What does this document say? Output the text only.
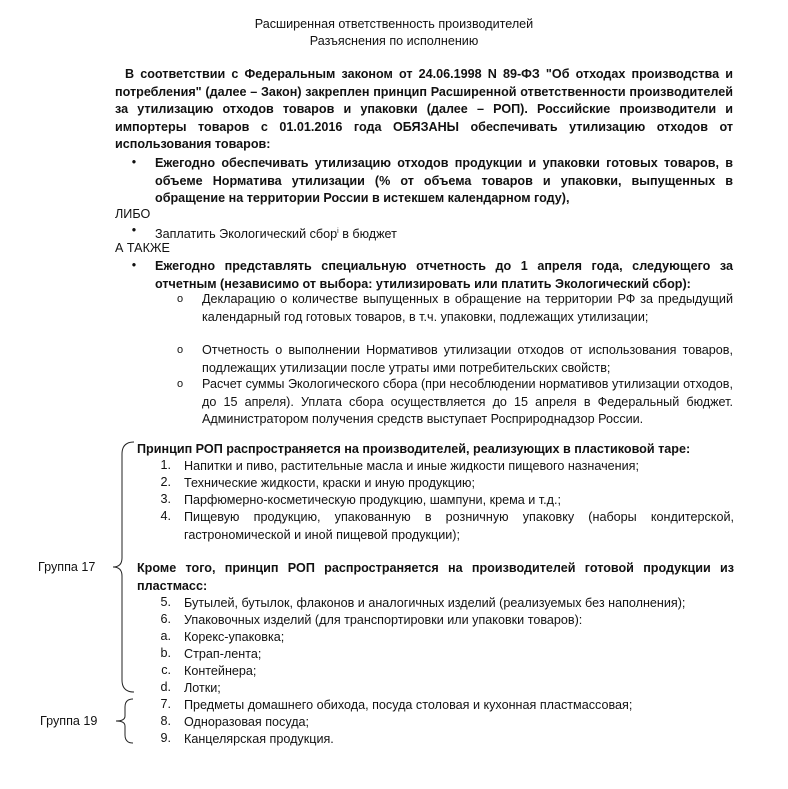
Расширенная ответственность производителей
Разъяснения по исполнению
В соответствии с Федеральным законом от 24.06.1998 N 89-ФЗ "Об отходах производства и потребления" (далее – Закон) закреплен принцип Расширенной ответственности производителей за утилизацию отходов товаров и упаковки (далее – РОП). Российские производители и импортеры товаров с 01.01.2016 года ОБЯЗАНЫ обеспечивать утилизацию отходов от использования товаров:
• Ежегодно обеспечивать утилизацию отходов продукции и упаковки готовых товаров, в объеме Норматива утилизации (% от объема товаров и упаковки, выпущенных в обращение на территории России в истекшем календарном году),
ЛИБО
• Заплатить Экологический сбор$^i$ в бюджет
А ТАКЖЕ
• Ежегодно представлять специальную отчетность до 1 апреля года, следующего за отчетным (независимо от выбора: утилизировать или платить Экологический сбор):
o Декларацию о количестве выпущенных в обращение на территории РФ за предыдущий календарный год готовых товаров, в т.ч. упаковки, подлежащих утилизации;
o Отчетность о выполнении Нормативов утилизации отходов от использования товаров, подлежащих утилизации после утраты ими потребительских свойств;
o Расчет суммы Экологического сбора (при несоблюдении нормативов утилизации отходов, до 15 апреля). Уплата сбора осуществляется до 15 апреля в Федеральный бюджет. Администратором получения средств выступает Росприроднадзор России.
Принцип РОП распространяется на производителей, реализующих в пластиковой таре:
1. Напитки и пиво, растительные масла и иные жидкости пищевого назначения;
2. Технические жидкости, краски и иную продукцию;
3. Парфюмерно-косметическую продукцию, шампуни, крема и т.д.;
4. Пищевую продукцию, упакованную в розничную упаковку (наборы кондитерской, гастрономической и иной пищевой продукции);
Кроме того, принцип РОП распространяется на производителей готовой продукции из пластмасс:
5. Бутылей, бутылок, флаконов и аналогичных изделий (реализуемых без наполнения);
6. Упаковочных изделий (для транспортировки или упаковки товаров):
a. Корекс-упаковка;
b. Страп-лента;
c. Контейнера;
d. Лотки;
7. Предметы домашнего обихода, посуда столовая и кухонная пластмассовая;
8. Одноразовая посуда;
9. Канцелярская продукция.
Группа 17
Группа 19
